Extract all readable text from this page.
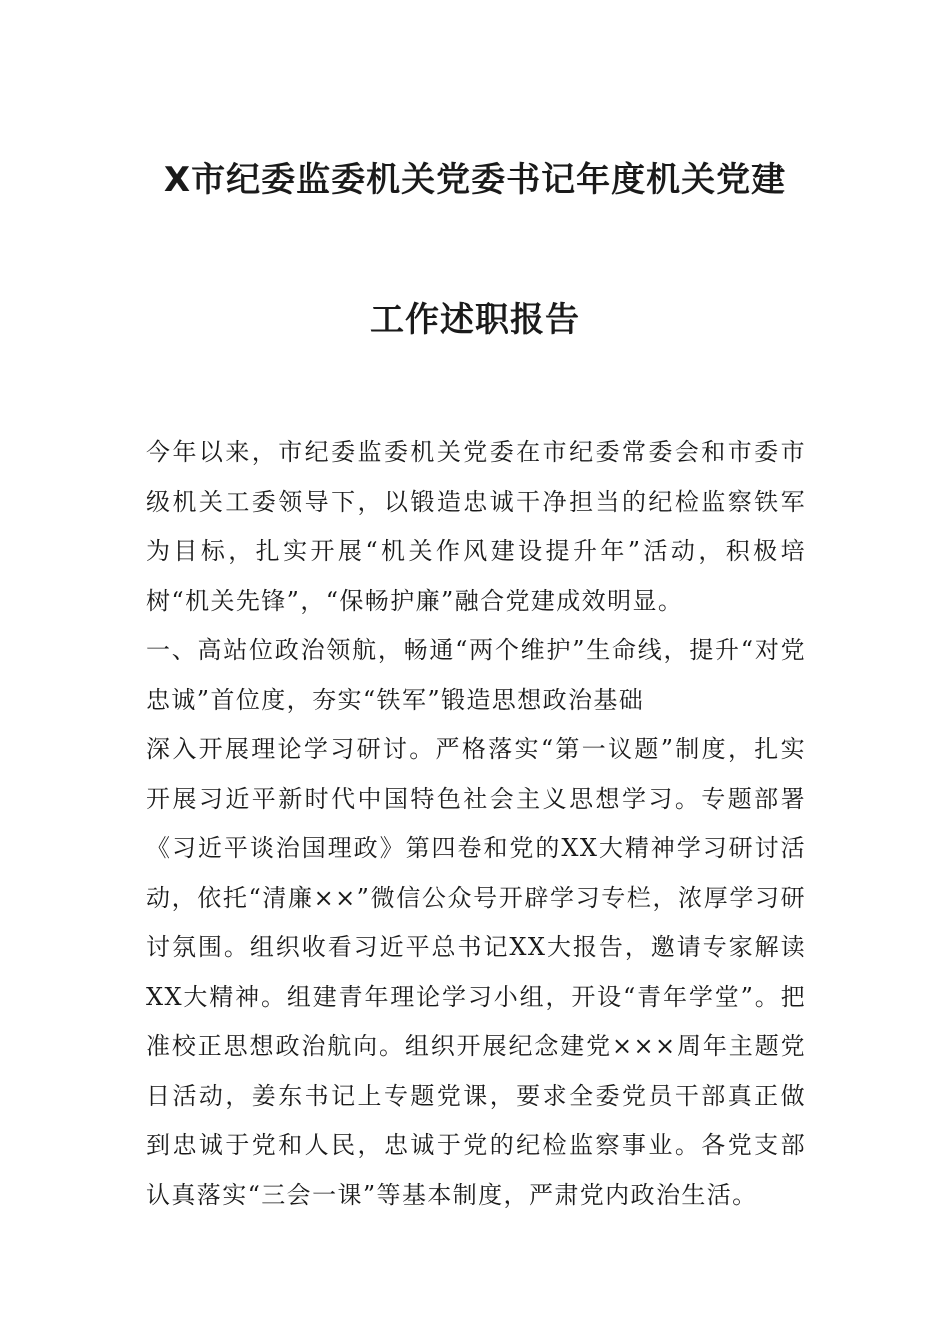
X市纪委监委机关党委书记年度机关党建
工作述职报告

今年以来，市纪委监委机关党委在市纪委常委会和市委市级机关工委领导下，以锻造忠诚干净担当的纪检监察铁军为目标，扎实开展“机关作风建设提升年”活动，积极培树“机关先锋”，“保畅护廉”融合党建成效明显。

一、高站位政治领航，畅通“两个维护”生命线，提升“对党忠诚”首位度，夯实“铁军”锻造思想政治基础

深入开展理论学习研讨。严格落实“第一议题”制度，扎实开展习近平新时代中国特色社会主义思想学习。专题部署《习近平谈治国理政》第四卷和党的XX大精神学习研讨活动，依托“清廉××”微信公众号开辟学习专栏，浓厚学习研讨氛围。组织收看习近平总书记XX大报告，邀请专家解读XX大精神。组建青年理论学习小组，开设“青年学堂”。把准校正思想政治航向。组织开展纪念建党×××周年主题党日活动，姜东书记上专题党课，要求全委党员干部真正做到忠诚于党和人民，忠诚于党的纪检监察事业。各党支部认真落实“三会一课”等基本制度，严肃党内政治生活。
